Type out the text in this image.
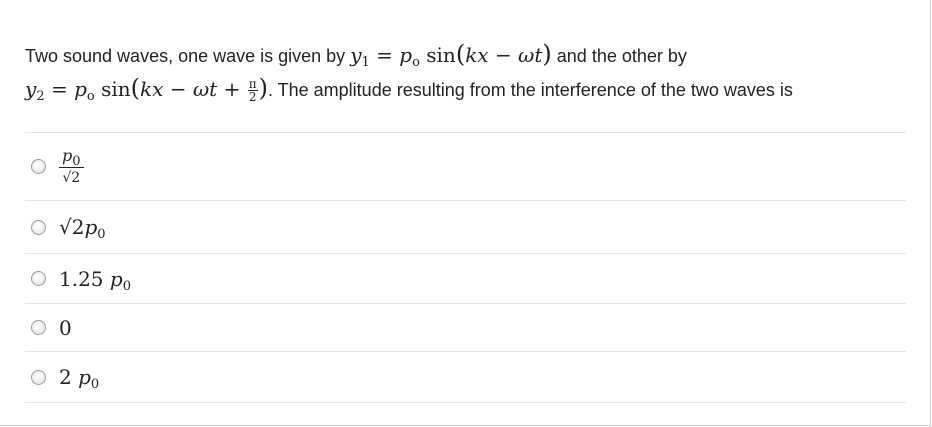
Two sound waves, one wave is given by $y_1 = p_o$ sin(kx − ωt) and the other by
$y_2 = p_o$ $\sin(kx - \omega t + \frac{\pi}{2}$ ). The amplitude resulting from the interference of the two waves is
$\frac{p_0}{√2}$
$√2p_0$
1.25 $p_0$
0
2 $p_0$
